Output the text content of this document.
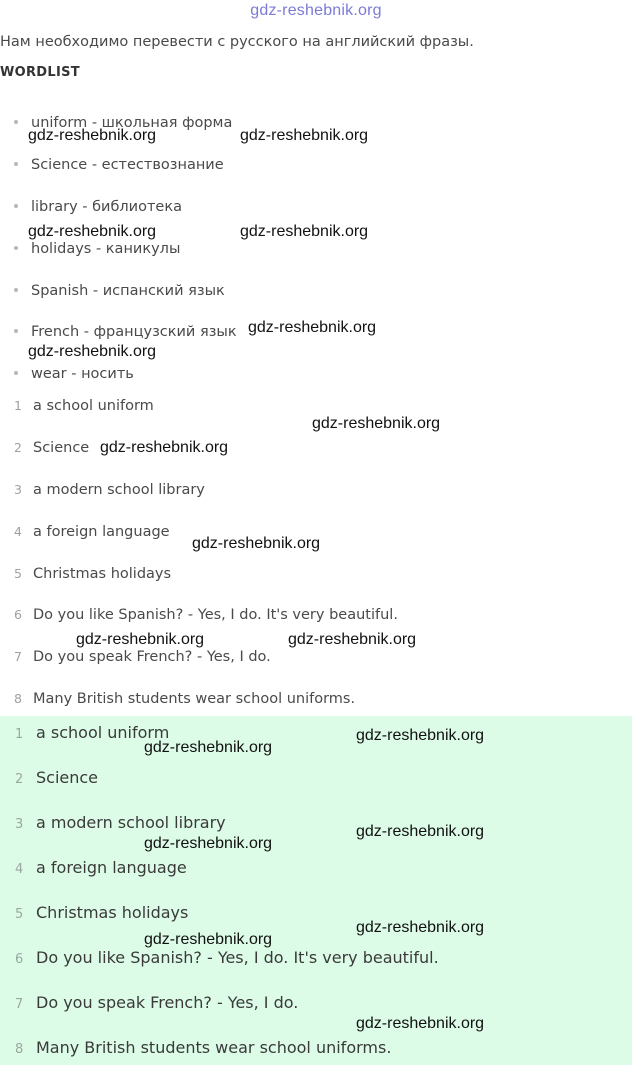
gdz-reshebnik.org
Нам необходимо перевести с русского на английский фразы.
WORDLIST
uniform - школьная форма
Science - естествознание
library - библиотека
holidays - каникулы
Spanish - испанский язык
French - французский язык
wear - носить
1 a school uniform
2 Science
3 a modern school library
4 a foreign language
5 Christmas holidays
6 Do you like Spanish? - Yes, I do. It's very beautiful.
7 Do you speak French? - Yes, I do.
8 Many British students wear school uniforms.
1 a school uniform
2 Science
3 a modern school library
4 a foreign language
5 Christmas holidays
6 Do you like Spanish? - Yes, I do. It's very beautiful.
7 Do you speak French? - Yes, I do.
8 Many British students wear school uniforms.
gdz-reshebnik.org	gdz-reshebnik.org
gdz-reshebnik.org	gdz-reshebnik.org
gdz-reshebnik.org
gdz-reshebnik.org
gdz-reshebnik.org
gdz-reshebnik.org
gdz-reshebnik.org
gdz-reshebnik.org	gdz-reshebnik.org
gdz-reshebnik.org
gdz-reshebnik.org
gdz-reshebnik.org
gdz-reshebnik.org
gdz-reshebnik.org
gdz-reshebnik.org
gdz-reshebnik.org
